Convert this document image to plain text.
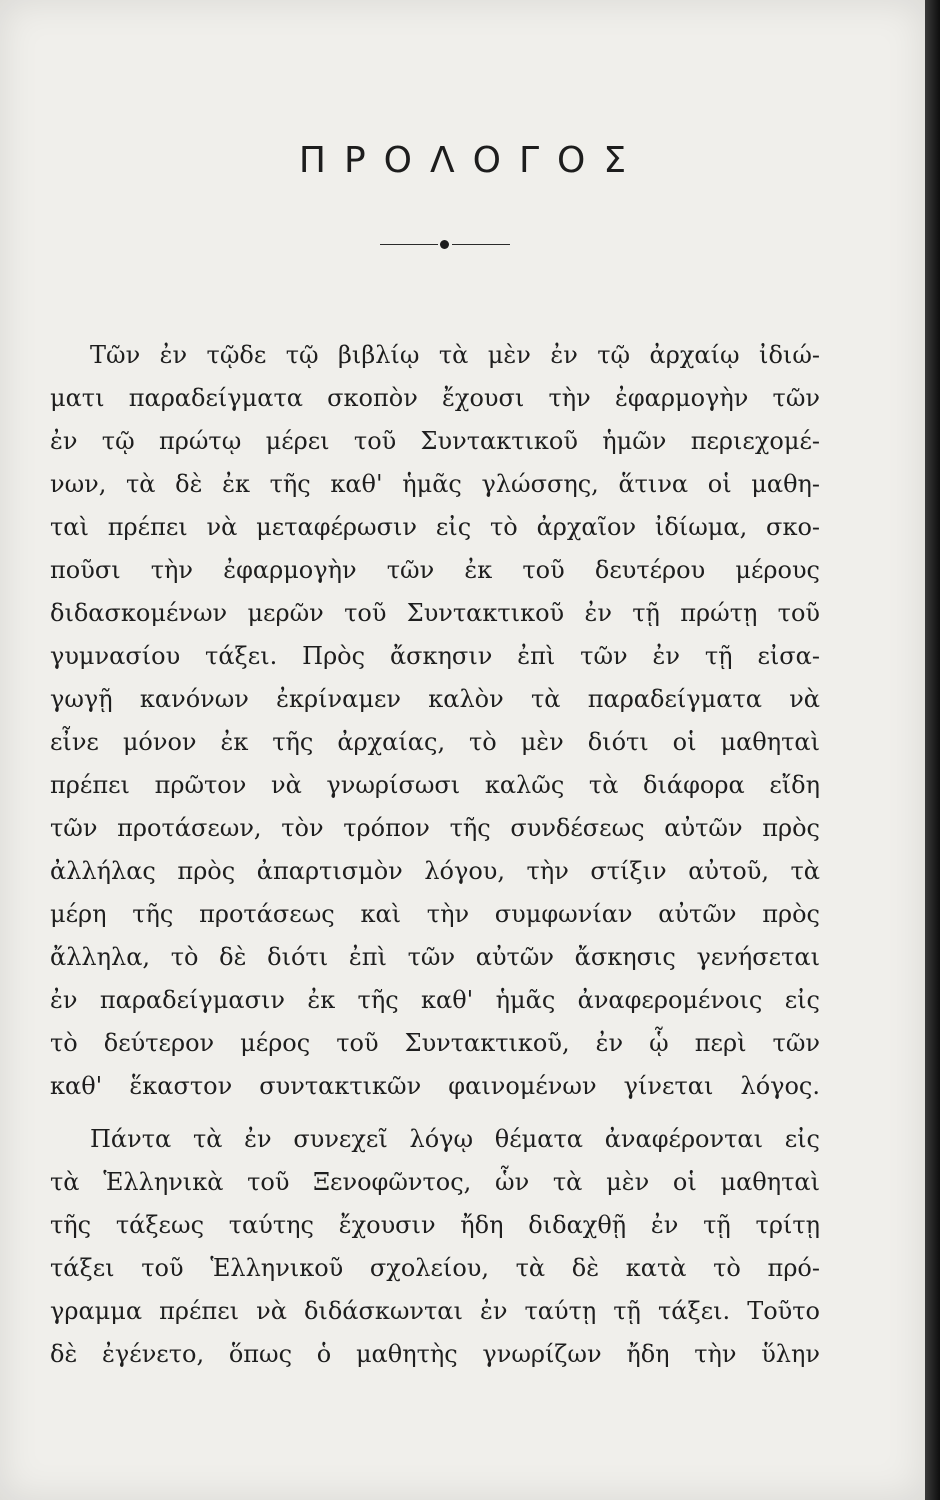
ΠΡΟΛΟΓΟΣ
Τῶν ἐν τῷδε τῷ βιβλίῳ τὰ μὲν ἐν τῷ ἀρχαίῳ ἰδιώ-
ματι παραδείγματα σκοπὸν ἔχουσι τὴν ἐφαρμογὴν τῶν
ἐν τῷ πρώτῳ μέρει τοῦ Συντακτικοῦ ἡμῶν περιεχομέ-
νων, τὰ δὲ ἐκ τῆς καθ' ἡμᾶς γλώσσης, ἅτινα οἱ μαθη-
ταὶ πρέπει νὰ μεταφέρωσιν εἰς τὸ ἀρχαῖον ἰδίωμα, σκο-
ποῦσι τὴν ἐφαρμογὴν τῶν ἐκ τοῦ δευτέρου μέρους
διδασκομένων μερῶν τοῦ Συντακτικοῦ ἐν τῇ πρώτῃ τοῦ
γυμνασίου τάξει. Πρὸς ἄσκησιν ἐπὶ τῶν ἐν τῇ εἰσα-
γωγῇ κανόνων ἐκρίναμεν καλὸν τὰ παραδείγματα νὰ
εἶνε μόνον ἐκ τῆς ἀρχαίας, τὸ μὲν διότι οἱ μαθηταὶ
πρέπει πρῶτον νὰ γνωρίσωσι καλῶς τὰ διάφορα εἴδη
τῶν προτάσεων, τὸν τρόπον τῆς συνδέσεως αὐτῶν πρὸς
ἀλλήλας πρὸς ἀπαρτισμὸν λόγου, τὴν στίξιν αὐτοῦ, τὰ
μέρη τῆς προτάσεως καὶ τὴν συμφωνίαν αὐτῶν πρὸς
ἄλληλα, τὸ δὲ διότι ἐπὶ τῶν αὐτῶν ἄσκησις γενήσεται
ἐν παραδείγμασιν ἐκ τῆς καθ' ἡμᾶς ἀναφερομένοις εἰς
τὸ δεύτερον μέρος τοῦ Συντακτικοῦ, ἐν ᾧ περὶ τῶν
καθ' ἕκαστον συντακτικῶν φαινομένων γίνεται λόγος.
Πάντα τὰ ἐν συνεχεῖ λόγῳ θέματα ἀναφέρονται εἰς
τὰ Ἑλληνικὰ τοῦ Ξενοφῶντος, ὧν τὰ μὲν οἱ μαθηταὶ
τῆς τάξεως ταύτης ἔχουσιν ἤδη διδαχθῇ ἐν τῇ τρίτῃ
τάξει τοῦ Ἑλληνικοῦ σχολείου, τὰ δὲ κατὰ τὸ πρό-
γραμμα πρέπει νὰ διδάσκωνται ἐν ταύτῃ τῇ τάξει. Τοῦτο
δὲ ἐγένετο, ὅπως ὁ μαθητὴς γνωρίζων ἤδη τὴν ὕλην
